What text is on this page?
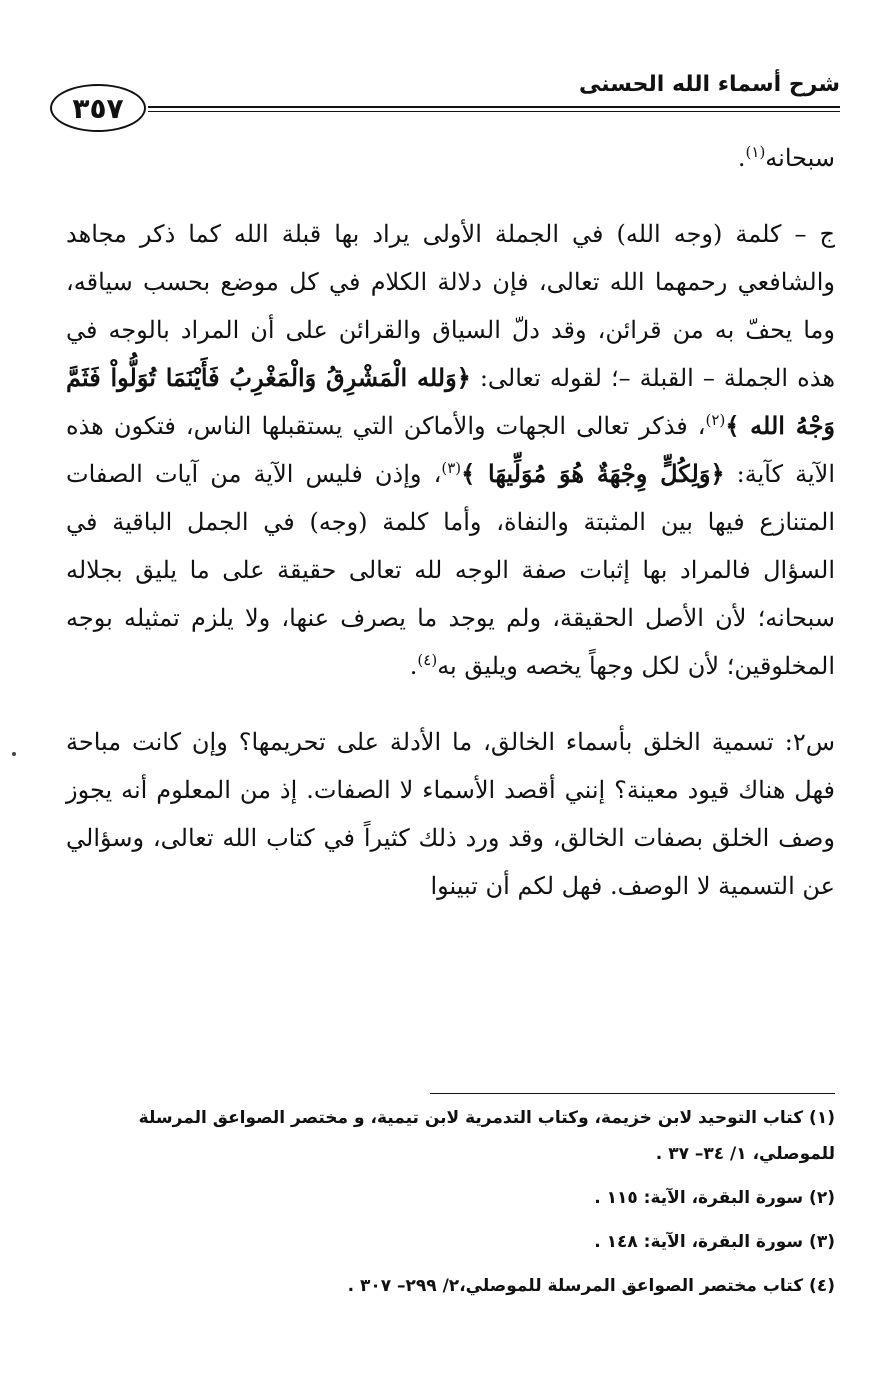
٣٥٧
شرح أسماء الله الحسنى

سبحانه$^{(١)}$.

ج – كلمة (وجه الله) في الجملة الأولى يراد بها قبلة الله كما ذكر مجاهد والشافعي رحمهما الله تعالى، فإن دلالة الكلام في كل موضع بحسب سياقه، وما يحفّ به من قرائن، وقد دلّ السياق والقرائن على أن المراد بالوجه في هذه الجملة – القبلة –؛ لقوله تعالى: ﴿وَلله الْمَشْرِقُ وَالْمَغْرِبُ فَأَيْنَمَا تُوَلُّواْ فَثَمَّ وَجْهُ الله ﴾$^{(٢)}$، فذكر تعالى الجهات والأماكن التي يستقبلها الناس، فتكون هذه الآية كآية: ﴿وَلِكُلٍّ وِجْهَةٌ هُوَ مُوَلِّيهَا ﴾$^{(٣)}$، وإذن فليس الآية من آيات الصفات المتنازع فيها بين المثبتة والنفاة، وأما كلمة (وجه) في الجمل الباقية في السؤال فالمراد بها إثبات صفة الوجه لله تعالى حقيقة على ما يليق بجلاله سبحانه؛ لأن الأصل الحقيقة، ولم يوجد ما يصرف عنها، ولا يلزم تمثيله بوجه المخلوقين؛ لأن لكل وجهاً يخصه ويليق به$^{(٤)}$.

س٢: تسمية الخلق بأسماء الخالق، ما الأدلة على تحريمها؟ وإن كانت مباحة فهل هناك قيود معينة؟ إنني أقصد الأسماء لا الصفات. إذ من المعلوم أنه يجوز وصف الخلق بصفات الخالق، وقد ورد ذلك كثيراً في كتاب الله تعالى، وسؤالي عن التسمية لا الوصف. فهل لكم أن تبينوا

(١) كتاب التوحيد لابن خزيمة، وكتاب التدمرية لابن تيمية، و مختصر الصواعق المرسلة للموصلي، ١/ ٣٤– ٣٧ .

(٢) سورة البقرة، الآية: ١١٥ .

(٣) سورة البقرة، الآية: ١٤٨ .

(٤) كتاب مختصر الصواعق المرسلة للموصلي،٢/ ٢٩٩– ٣٠٧ .
